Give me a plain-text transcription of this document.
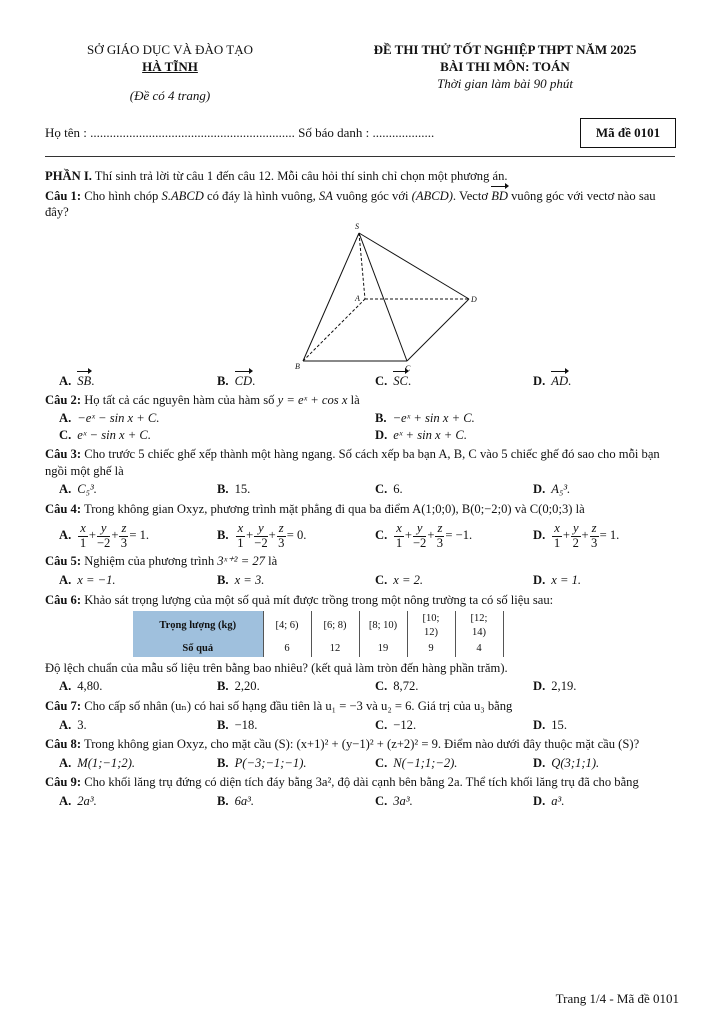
SỞ GIÁO DỤC VÀ ĐÀO TẠO
HÀ TĨNH
(Đề có 4 trang)
ĐỀ THI THỬ TỐT NGHIỆP THPT NĂM 2025
BÀI THI MÔN: TOÁN
Thời gian làm bài 90 phút
Họ tên : ............................................................... Số báo danh : ...................	Mã đề 0101

PHẦN I. Thí sinh trả lời từ câu 1 đến câu 12. Mỗi câu hỏi thí sinh chỉ chọn một phương án.

Câu 1: Cho hình chóp S.ABCD có đáy là hình vuông, SA vuông góc với (ABCD). Vectơ BD vuông góc với vectơ nào sau đây?

S
A	D
B	C
A. SB.	B. CD.	C. SC.	D. AD.

Câu 2: Họ tất cả các nguyên hàm của hàm số y = eˣ + cos x là

A. −eˣ − sin x + C.	B. −eˣ + sin x + C.
C. eˣ − sin x + C.	D. eˣ + sin x + C.

Câu 3: Cho trước 5 chiếc ghế xếp thành một hàng ngang. Số cách xếp ba bạn A, B, C vào 5 chiếc ghế đó sao cho mỗi bạn ngồi một ghế là

A. C₅³.	B. 15.	C. 6.	D. A₅³.

Câu 4: Trong không gian Oxyz, phương trình mặt phẳng đi qua ba điểm A(1;0;0), B(0;−2;0) và C(0;0;3) là

A. $\frac{x}{1} + \frac{y}{-2} + \frac{z}{3} = 1$.	B. $\frac{x}{1} + \frac{y}{-2} + \frac{z}{3} = 0$.	C. $\frac{x}{1} + \frac{y}{-2} + \frac{z}{3} = -1$.	D. $\frac{x}{1} + \frac{y}{2} + \frac{z}{3} = 1$.

Câu 5: Nghiệm của phương trình 3ˣ⁺² = 27 là

A. x = −1.	B. x = 3.	C. x = 2.	D. x = 1.

Câu 6: Khảo sát trọng lượng của một số quả mít được trồng trong một nông trường ta có số liệu sau:

Trọng lượng (kg)	[4; 6)	[6; 8)	[8; 10)	[10; 12)	[12; 14)
Số quả	6	12	19	9	4

Độ lệch chuẩn của mẫu số liệu trên bằng bao nhiêu? (kết quả làm tròn đến hàng phần trăm).

A. 4,80.	B. 2,20.	C. 8,72.	D. 2,19.

Câu 7: Cho cấp số nhân (uₙ) có hai số hạng đầu tiên là u₁ = −3 và u₂ = 6. Giá trị của u₃ bằng

A. 3.	B. −18.	C. −12.	D. 15.

Câu 8: Trong không gian Oxyz, cho mặt cầu (S): (x+1)² + (y−1)² + (z+2)² = 9. Điểm nào dưới đây thuộc mặt cầu (S)?

A. M(1;−1;2).	B. P(−3;−1;−1).	C. N(−1;1;−2).	D. Q(3;1;1).

Câu 9: Cho khối lăng trụ đứng có diện tích đáy bằng 3a², độ dài cạnh bên bằng 2a. Thể tích khối lăng trụ đã cho bằng

A. 2a³.	B. 6a³.	C. 3a³.	D. a³.
Trang 1/4 - Mã đề 0101
